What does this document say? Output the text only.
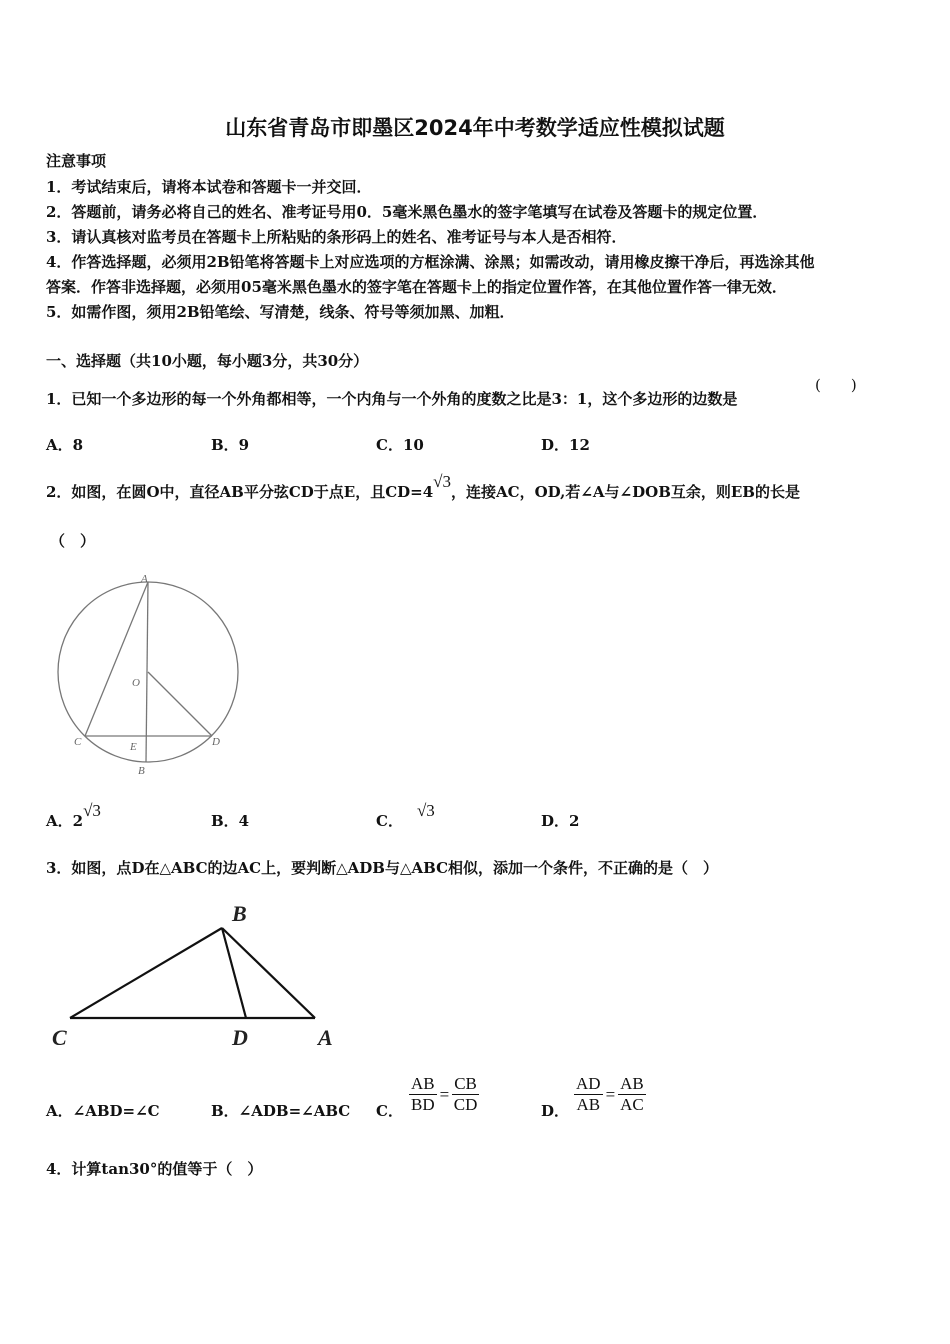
山东省青岛市即墨区2024年中考数学适应性模拟试题
注意事项
1．考试结束后，请将本试卷和答题卡一并交回．
2．答题前，请务必将自己的姓名、准考证号用0．5毫米黑色墨水的签字笔填写在试卷及答题卡的规定位置．
3．请认真核对监考员在答题卡上所粘贴的条形码上的姓名、准考证号与本人是否相符．
4．作答选择题，必须用2B铅笔将答题卡上对应选项的方框涂满、涂黑；如需改动，请用橡皮擦干净后，再选涂其他
答案．作答非选择题，必须用05毫米黑色墨水的签字笔在答题卡上的指定位置作答，在其他位置作答一律无效．
5．如需作图，须用2B铅笔绘、写清楚，线条、符号等须加黑、加粗．
一、选择题（共10小题，每小题3分，共30分）
1．已知一个多边形的每一个外角都相等，一个内角与一个外角的度数之比是3：1，这个多边形的边数是
(　　)
A．8	B．9	C．10	D．12
2．如图，在圆O中，直径AB平分弦CD于点E，且CD=4√3，连接AC，OD,若∠A与∠DOB互余，则EB的长是
（　）
A
B
C	D
E
O
B
C	D	A
A．2√3
B．4	C．√3
D．2
3．如图，点D在△ABC的边AC上，要判断△ADB与△ABC相似，添加一个条件，不正确的是（　）
A．∠ABD=∠C	B．∠ADB=∠ABC C． $\frac{AB}{BD} = \frac{CB}{CD}$	D． $\frac{AD}{AB} = \frac{AB}{AC}$
4．计算tan30°的值等于（　）
